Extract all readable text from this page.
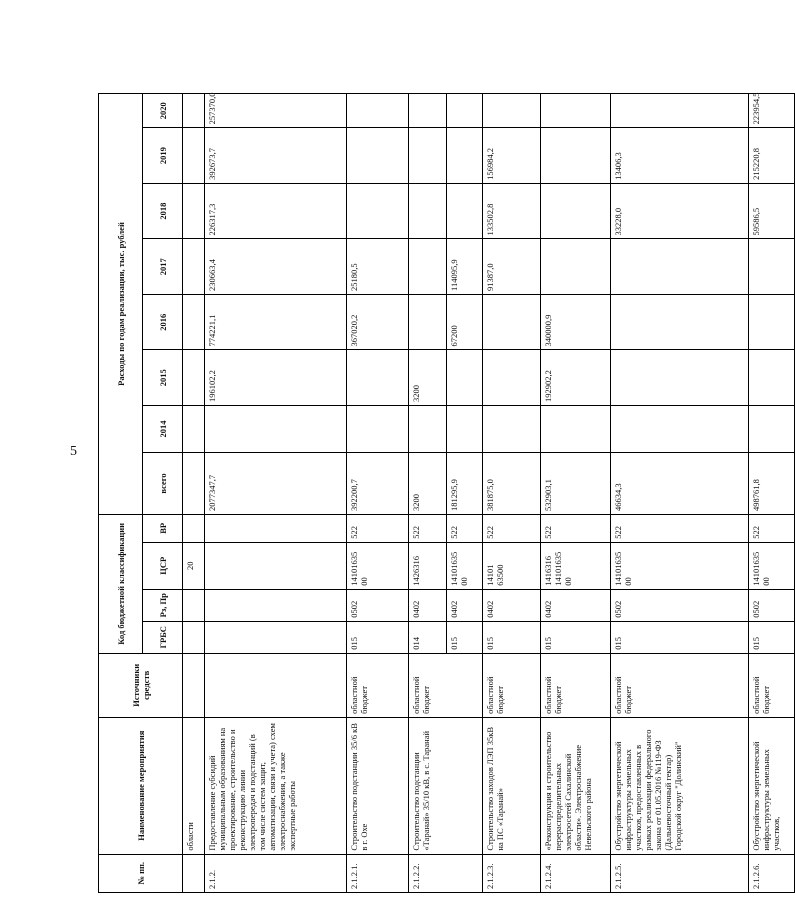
5
№ пп.	Наименование мероприятия	Источники средств	Код бюджетной классификации				Расходы по годам реализации, тыс. рублей							
			ГРБС	Рз, Пр	ЦСР	ВР	всего	2014	2015	2016	2017	2018	2019	2020
	области				20									
2.1.2.	Предоставление субсидий муниципальным образованиям на проектирование, строительство и реконструкцию линии электропередач и подстанций (в том числе систем защит, автоматизации, связи и учета) схем электроснабжения, а также экспертные работы						2077347,7		196102,2	774221,1	230663,4	226317,3	392673,7	257370,0
2.1.2.1.	Строительство подстанции 35/6 кВ в г. Охе	областной бюджет	015	0502	14101635 00	522	392200,7			367020,2	25180,5			
2.1.2.2.	Строительство подстанции «Таранай» 35/10 кВ, в с. Таранай	областной бюджет	014	0402	1426316	522	3200		3200					
			015	0402	14101635 00	522	181295,9			67200	114095,9			
2.1.2.3.	Строительство заходов ЛЭП 35кВ на ПС «Таранай»	областной бюджет	015	0402	14101 63500	522	381875,0				91387,0	133502,8	156984,2	
2.1.2.4.	«Реконструкция и строительство перераспределительных электросетей Сахалинской области». Электроснабжение Невельского района	областной бюджет	015	0402	1416316 14101635 00	522	532903,1		192902,2	340000,9				
2.1.2.5.	Обустройство энергетической инфраструктуры земельных участков, предоставленных в рамках реализации федерального закона от 01.05.2016 №119-ФЗ (Дальневосточный гектар) Городской округ "Долинский"	областной бюджет	015	0502	14101635 00	522	46634,3					33228,0	13406,3	
2.1.2.6.	Обустройство энергетической инфраструктуры земельных участков,	областной бюджет	015	0502	14101635 00	522	498761,8					59586,5	215220,8	223954,5
